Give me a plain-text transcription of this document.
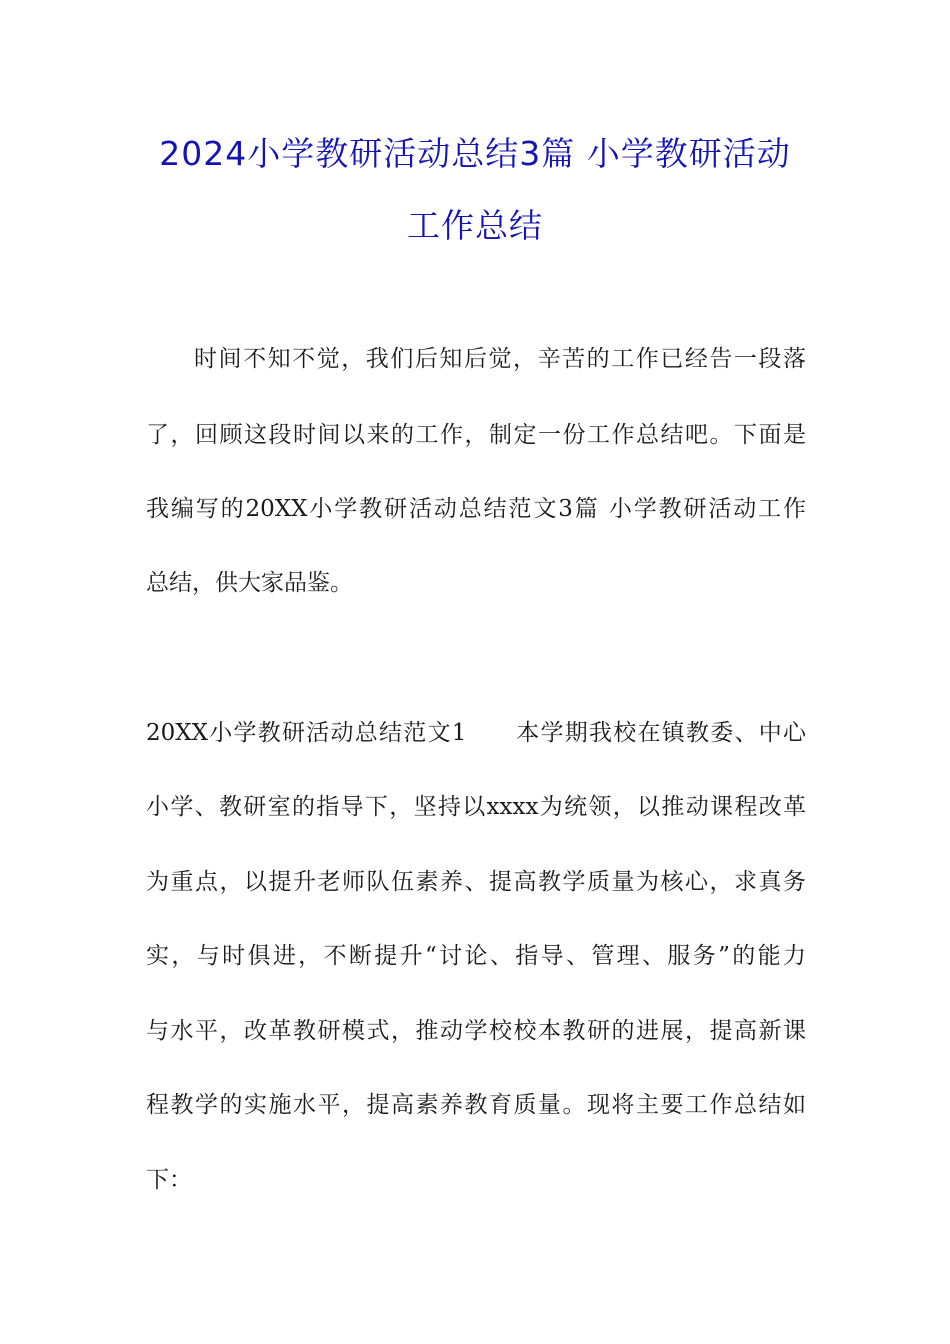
2024小学教研活动总结3篇 小学教研活动
工作总结
时间不知不觉，我们后知后觉，辛苦的工作已经告一段落
了，回顾这段时间以来的工作，制定一份工作总结吧。下面是
我编写的20XX小学教研活动总结范文3篇 小学教研活动工作
总结，供大家品鉴。
20XX小学教研活动总结范文1　　本学期我校在镇教委、中心
小学、教研室的指导下，坚持以xxxx为统领，以推动课程改革
为重点，以提升老师队伍素养、提高教学质量为核心，求真务
实，与时俱进，不断提升“讨论、指导、管理、服务”的能力
与水平，改革教研模式，推动学校校本教研的进展，提高新课
程教学的实施水平，提高素养教育质量。现将主要工作总结如
下：
